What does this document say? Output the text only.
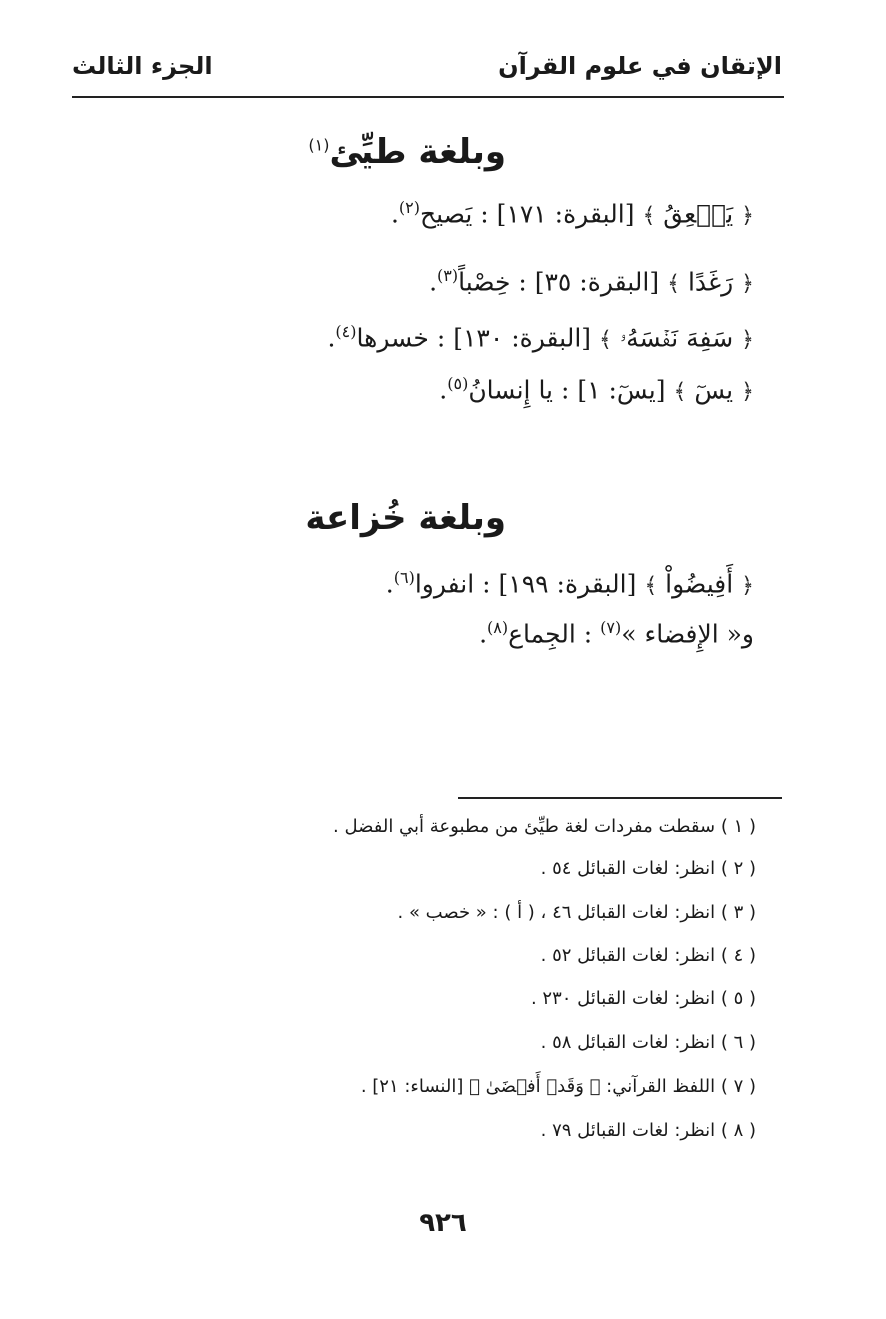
الإتقان في علوم القرآن
الجزء الثالث
وبلغة طيِّئ$^{(١)}$
﴿ يَنۡعِقُ ﴾ [البقرة: ١٧١] : يَصيح$^{(٢)}$.
﴿ رَغَدًا ﴾ [البقرة: ٣٥] : خِصْباً$^{(٣)}$.
﴿ سَفِهَ نَفۡسَهُۥ ﴾ [البقرة: ١٣٠] : خسرها$^{(٤)}$.
﴿ يسٓ ﴾ [يسٓ: ١] : يا إِنسانُ$^{(٥)}$.
وبلغة خُزاعة
﴿ أَفِيضُواْ ﴾ [البقرة: ١٩٩] : انفروا$^{(٦)}$.
و« الإِفضاء »$^{(٧)}$ : الجِماع$^{(٨)}$.
( ١ ) سقطت مفردات لغة طيِّئ من مطبوعة أبي الفضل .
( ٢ ) انظر: لغات القبائل ٥٤ .
( ٣ ) انظر: لغات القبائل ٤٦ ، ( أ ) : « خصب » .
( ٤ ) انظر: لغات القبائل ٥٢ .
( ٥ ) انظر: لغات القبائل ٢٣٠ .
( ٦ ) انظر: لغات القبائل ٥٨ .
( ٧ ) اللفظ القرآني: ﴿ وَقَدۡ أَفۡضَىٰ ﴾ [النساء: ٢١] .
( ٨ ) انظر: لغات القبائل ٧٩ .
٩٢٦
